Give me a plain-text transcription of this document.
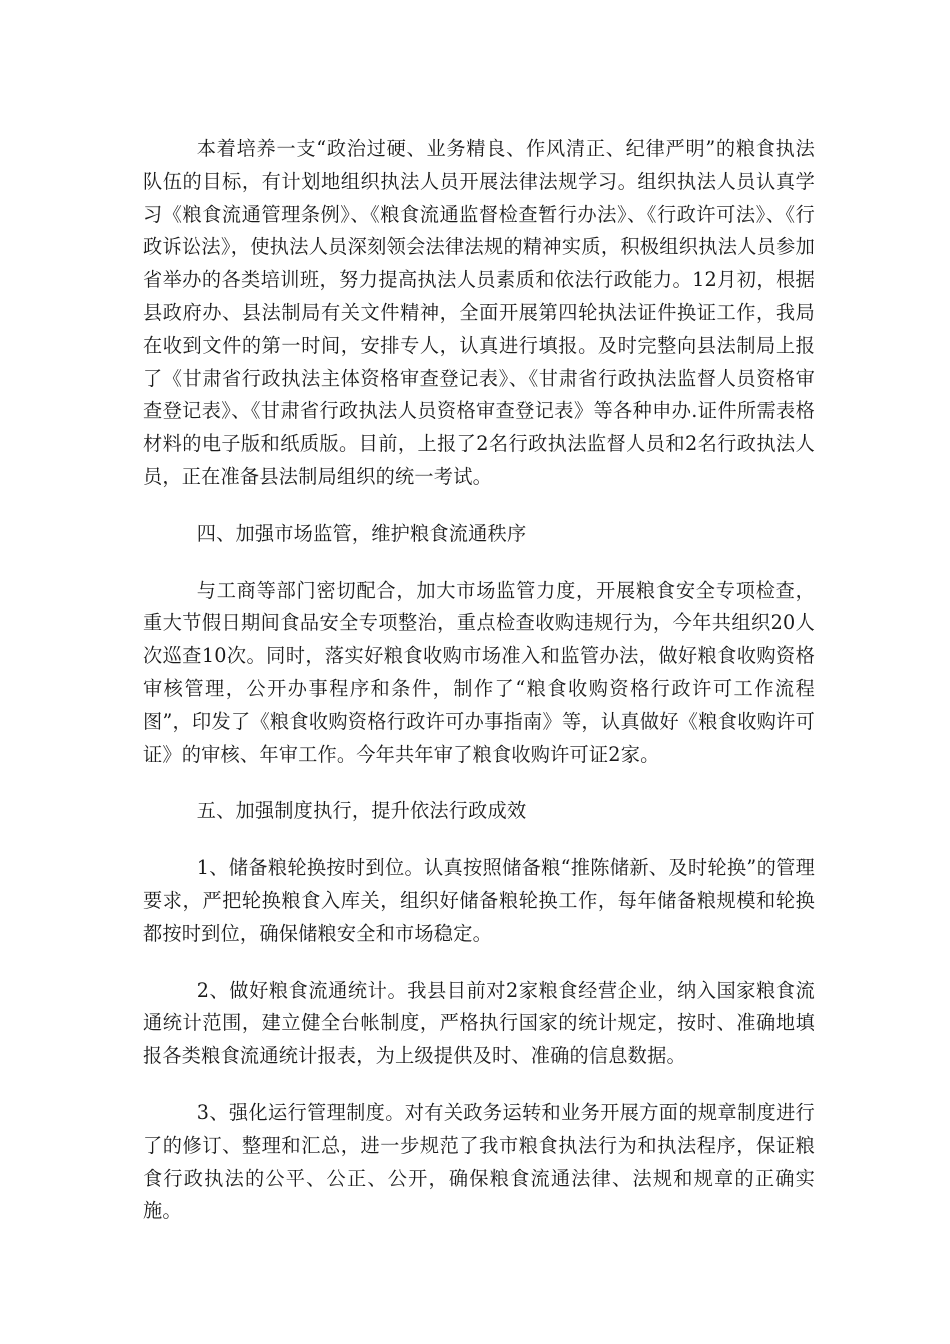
本着培养一支“政治过硬、业务精良、作风清正、纪律严明”的粮食执法队伍的目标，有计划地组织执法人员开展法律法规学习。组织执法人员认真学习《粮食流通管理条例》、《粮食流通监督检查暂行办法》、《行政许可法》、《行政诉讼法》，使执法人员深刻领会法律法规的精神实质，积极组织执法人员参加省举办的各类培训班，努力提高执法人员素质和依法行政能力。12月初，根据县政府办、县法制局有关文件精神，全面开展第四轮执法证件换证工作，我局在收到文件的第一时间，安排专人，认真进行填报。及时完整向县法制局上报了《甘肃省行政执法主体资格审查登记表》、《甘肃省行政执法监督人员资格审查登记表》、《甘肃省行政执法人员资格审查登记表》等各种申办.证件所需表格材料的电子版和纸质版。目前，上报了2名行政执法监督人员和2名行政执法人员，正在准备县法制局组织的统一考试。

四、加强市场监管，维护粮食流通秩序

与工商等部门密切配合，加大市场监管力度，开展粮食安全专项检查，重大节假日期间食品安全专项整治，重点检查收购违规行为，今年共组织20人次巡查10次。同时，落实好粮食收购市场准入和监管办法，做好粮食收购资格审核管理，公开办事程序和条件，制作了“粮食收购资格行政许可工作流程图”，印发了《粮食收购资格行政许可办事指南》等，认真做好《粮食收购许可证》的审核、年审工作。今年共年审了粮食收购许可证2家。

五、加强制度执行，提升依法行政成效

1、储备粮轮换按时到位。认真按照储备粮“推陈储新、及时轮换”的管理要求，严把轮换粮食入库关，组织好储备粮轮换工作，每年储备粮规模和轮换都按时到位，确保储粮安全和市场稳定。

2、做好粮食流通统计。我县目前对2家粮食经营企业，纳入国家粮食流通统计范围，建立健全台帐制度，严格执行国家的统计规定，按时、准确地填报各类粮食流通统计报表，为上级提供及时、准确的信息数据。

3、强化运行管理制度。对有关政务运转和业务开展方面的规章制度进行了的修订、整理和汇总，进一步规范了我市粮食执法行为和执法程序，保证粮食行政执法的公平、公正、公开，确保粮食流通法律、法规和规章的正确实施。
